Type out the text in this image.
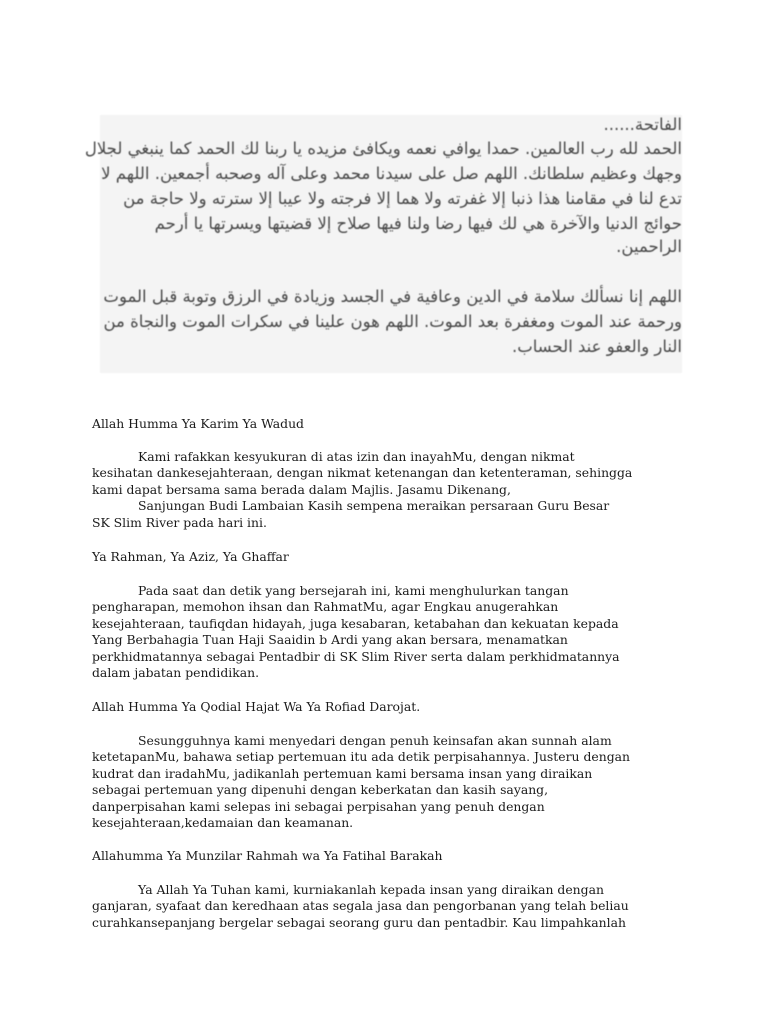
الفاتحة......
الحمد لله رب العالمين. حمدا يوافي نعمه ويكافئ مزيده يا ربنا لك الحمد كما ينبغي لجلال
وجهك وعظيم سلطانك. اللهم صل على سيدنا محمد وعلى آله وصحبه أجمعين. اللهم لا
تدع لنا في مقامنا هذا ذنبا إلا غفرته ولا هما إلا فرجته ولا عيبا إلا سترته ولا حاجة من
حوائج الدنيا والآخرة هي لك فيها رضا ولنا فيها صلاح إلا قضيتها ويسرتها يا أرحم
الراحمين.
اللهم إنا نسألك سلامة في الدين وعافية في الجسد وزيادة في الرزق وتوبة قبل الموت
ورحمة عند الموت ومغفرة بعد الموت. اللهم هون علينا في سكرات الموت والنجاة من
النار والعفو عند الحساب.
Allah Humma Ya Karim Ya Wadud
Kami rafakkan kesyukuran di atas izin dan inayahMu, dengan nikmat
kesihatan dankesejahteraan, dengan nikmat ketenangan dan ketenteraman, sehingga
kami dapat bersama sama berada dalam Majlis. Jasamu Dikenang,
Sanjungan Budi Lambaian Kasih sempena meraikan persaraan Guru Besar
SK Slim River pada hari ini.
Ya Rahman, Ya Aziz, Ya Ghaffar
Pada saat dan detik yang bersejarah ini, kami menghulurkan tangan
pengharapan, memohon ihsan dan RahmatMu, agar Engkau anugerahkan
kesejahteraan, taufiqdan hidayah, juga kesabaran, ketabahan dan kekuatan kepada
Yang Berbahagia Tuan Haji Saaidin b Ardi yang akan bersara, menamatkan
perkhidmatannya sebagai Pentadbir di SK Slim River serta dalam perkhidmatannya
dalam jabatan pendidikan.
Allah Humma Ya Qodial Hajat Wa Ya Rofiad Darojat.
Sesungguhnya kami menyedari dengan penuh keinsafan akan sunnah alam
ketetapanMu, bahawa setiap pertemuan itu ada detik perpisahannya. Justeru dengan
kudrat dan iradahMu, jadikanlah pertemuan kami bersama insan yang diraikan
sebagai pertemuan yang dipenuhi dengan keberkatan dan kasih sayang,
danperpisahan kami selepas ini sebagai perpisahan yang penuh dengan
kesejahteraan,kedamaian dan keamanan.
Allahumma Ya Munzilar Rahmah wa Ya Fatihal Barakah
Ya Allah Ya Tuhan kami, kurniakanlah kepada insan yang diraikan dengan
ganjaran, syafaat dan keredhaan atas segala jasa dan pengorbanan yang telah beliau
curahkansepanjang bergelar sebagai seorang guru dan pentadbir. Kau limpahkanlah
